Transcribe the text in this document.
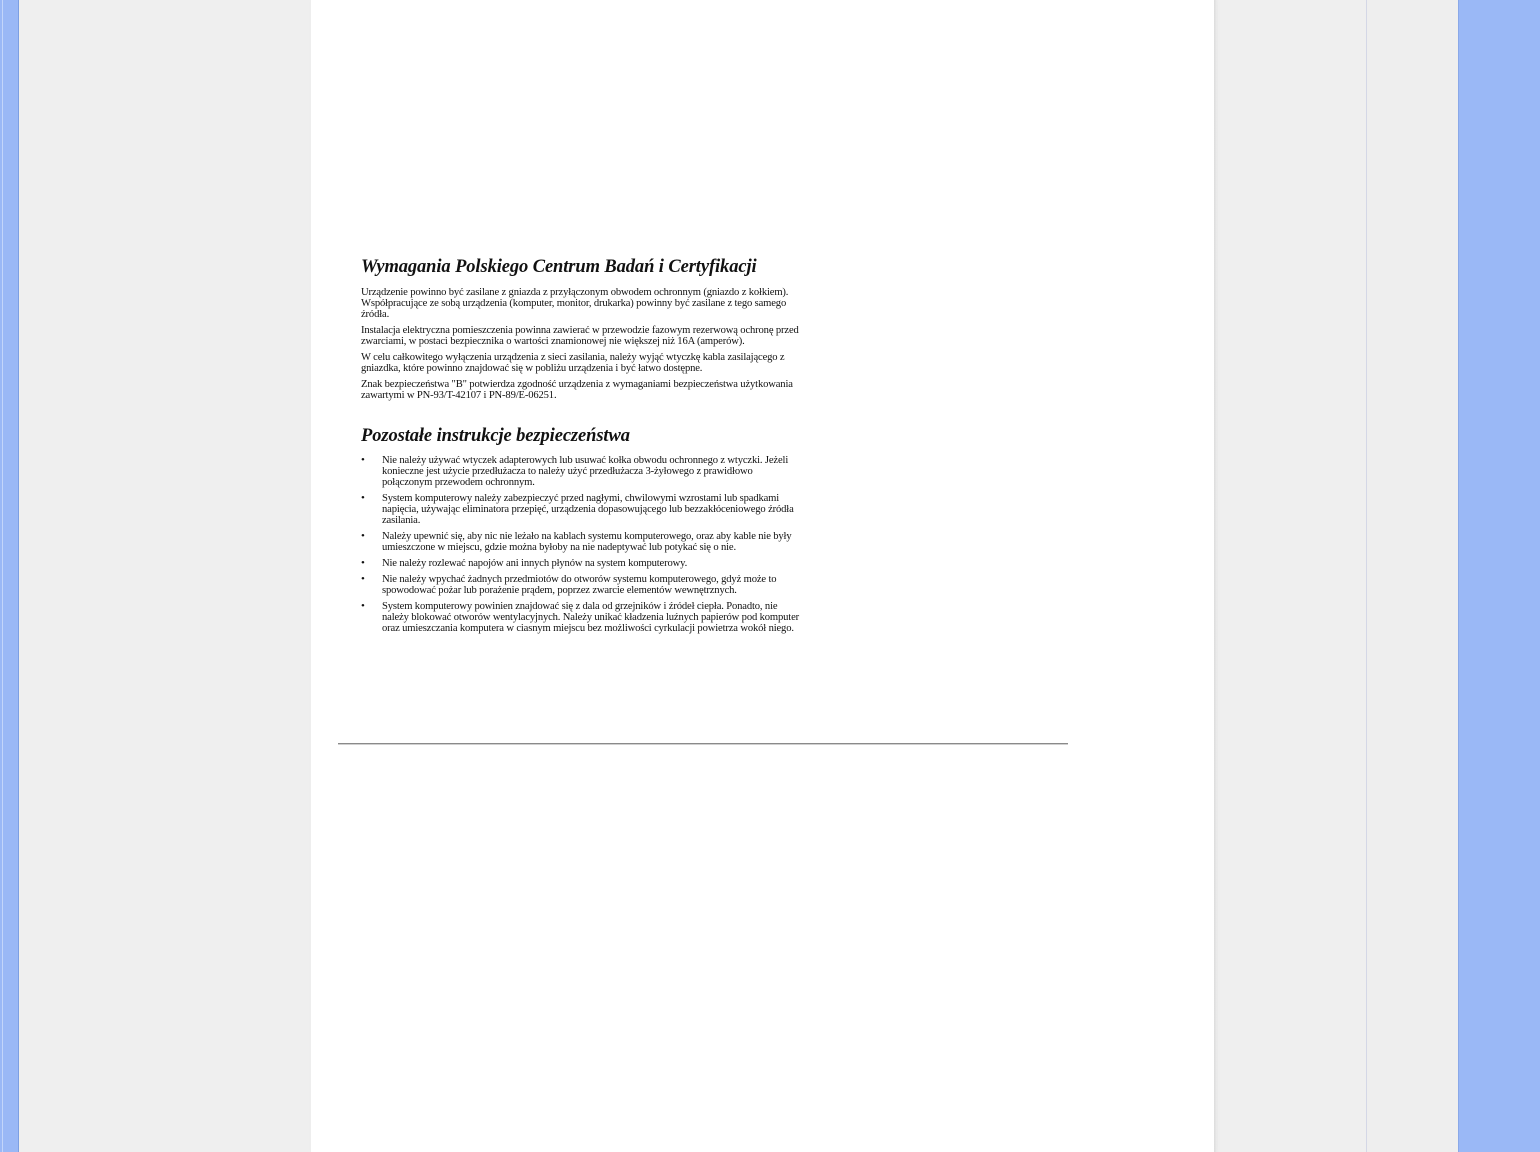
Wymagania Polskiego Centrum Badań i Certyfikacji

Urządzenie powinno być zasilane z gniazda z przyłączonym obwodem ochronnym (gniazdo z kołkiem). Współpracujące ze sobą urządzenia (komputer, monitor, drukarka) powinny być zasilane z tego samego źródła.

Instalacja elektryczna pomieszczenia powinna zawierać w przewodzie fazowym rezerwową ochronę przed zwarciami, w postaci bezpiecznika o wartości znamionowej nie większej niż 16A (amperów).

W celu całkowitego wyłączenia urządzenia z sieci zasilania, należy wyjąć wtyczkę kabla zasilającego z gniazdka, które powinno znajdować się w pobliżu urządzenia i być łatwo dostępne.

Znak bezpieczeństwa "B" potwierdza zgodność urządzenia z wymaganiami bezpieczeństwa użytkowania zawartymi w PN-93/T-42107 i PN-89/E-06251.

Pozostałe instrukcje bezpieczeństwa
• Nie należy używać wtyczek adapterowych lub usuwać kołka obwodu ochronnego z wtyczki. Jeżeli konieczne jest użycie przedłużacza to należy użyć przedłużacza 3-żyłowego z prawidłowo połączonym przewodem ochronnym.
• System komputerowy należy zabezpieczyć przed nagłymi, chwilowymi wzrostami lub spadkami napięcia, używając eliminatora przepięć, urządzenia dopasowującego lub bezzakłóceniowego źródła zasilania.
• Należy upewnić się, aby nic nie leżało na kablach systemu komputerowego, oraz aby kable nie były umieszczone w miejscu, gdzie można byłoby na nie nadeptywać lub potykać się o nie.
• Nie należy rozlewać napojów ani innych płynów na system komputerowy.
• Nie należy wpychać żadnych przedmiotów do otworów systemu komputerowego, gdyż może to spowodować pożar lub porażenie prądem, poprzez zwarcie elementów wewnętrznych.
• System komputerowy powinien znajdować się z dala od grzejników i źródeł ciepła. Ponadto, nie należy blokować otworów wentylacyjnych. Należy unikać kładzenia luźnych papierów pod komputer oraz umieszczania komputera w ciasnym miejscu bez możliwości cyrkulacji powietrza wokół niego.
